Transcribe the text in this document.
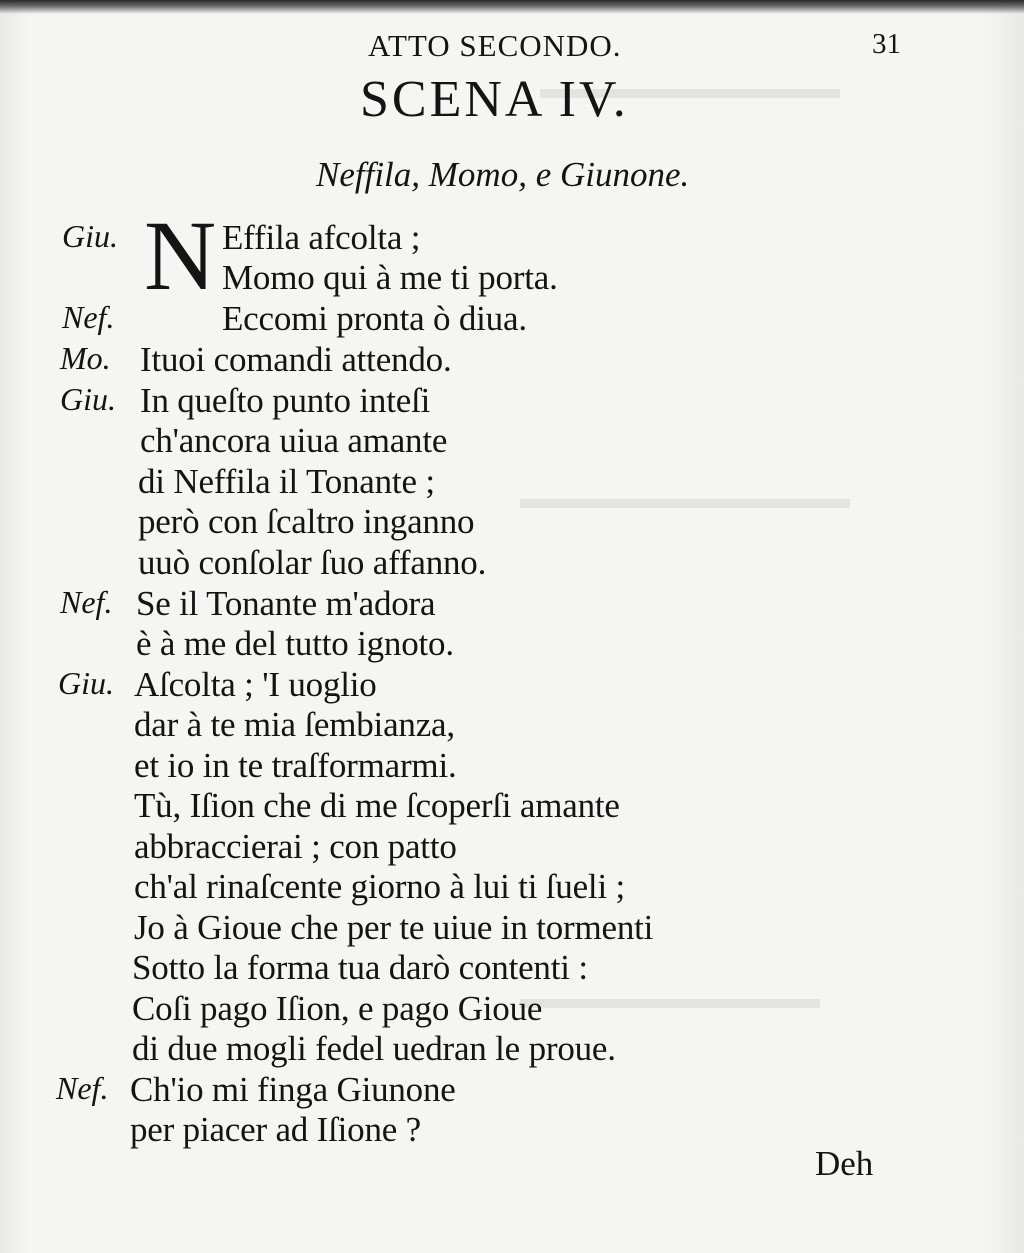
▬▬▬▬▬▬▬▬▬▬
▬▬▬▬▬▬▬▬▬▬▬
▬▬▬▬▬▬▬▬▬▬
ATTO SECONDO.	31
SCENA IV.
Neffila, Momo, e Giunone.
N
Giu.
Nef.
Mo.
Giu.
Nef.
Giu.
Nef.
Effila afcolta ;
Momo qui à me ti porta.
Eccomi pronta ò diua.
Ituoi comandi attendo.
In queſto punto inteſi
ch'ancora uiua amante
di Neffila il Tonante ;
però con ſcaltro inganno
uuò conſolar ſuo affanno.
Se il Tonante m'adora
è à me del tutto ignoto.
Aſcolta ; 'I uoglio
dar à te mia ſembianza,
et io in te traſformarmi.
Tù, Iſion che di me ſcoperſi amante
abbraccierai ; con patto
ch'al rinaſcente giorno à lui ti ſueli ;
Jo à Gioue che per te uiue in tormenti
Sotto la forma tua darò contenti :
Coſi pago Iſion, e pago Gioue
di due mogli fedel uedran le proue.
Ch'io mi finga Giunone
per piacer ad Iſione ?
Deh
